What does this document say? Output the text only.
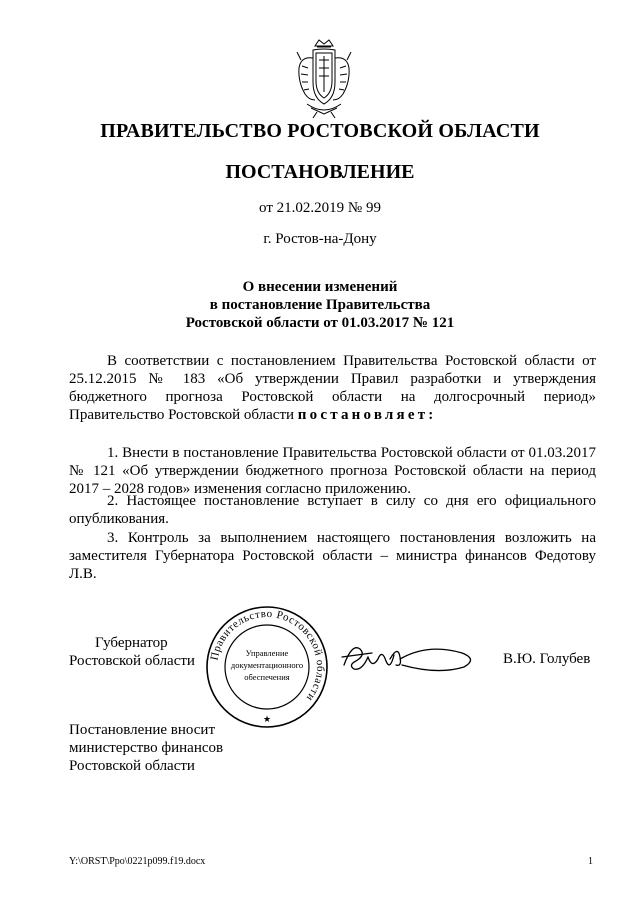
ПРАВИТЕЛЬСТВО РОСТОВСКОЙ ОБЛАСТИ
ПОСТАНОВЛЕНИЕ
от 21.02.2019 № 99
г. Ростов-на-Дону
О внесении изменений
в постановление Правительства
Ростовской области от 01.03.2017 № 121

В соответствии с постановлением Правительства Ростовской области от 25.12.2015 № 183 «Об утверждении Правил разработки и утверждения бюджетного прогноза Ростовской области на долгосрочный период» Правительство Ростовской области постановляет:

1. Внести в постановление Правительства Ростовской области от 01.03.2017 № 121 «Об утверждении бюджетного прогноза Ростовской области на период 2017 – 2028 годов» изменения согласно приложению.

2. Настоящее постановление вступает в силу со дня его официального опубликования.

3. Контроль за выполнением настоящего постановления возложить на заместителя Губернатора Ростовской области – министра финансов Федотову Л.В.

Губернатор
Ростовской области	Правительство Ростовской области
Управление
документационного
обеспечения
★
В.Ю. Голубев
Постановление вносит
министерство финансов
Ростовской области
Y:\ORST\Ppo\0221p099.f19.docx	1
